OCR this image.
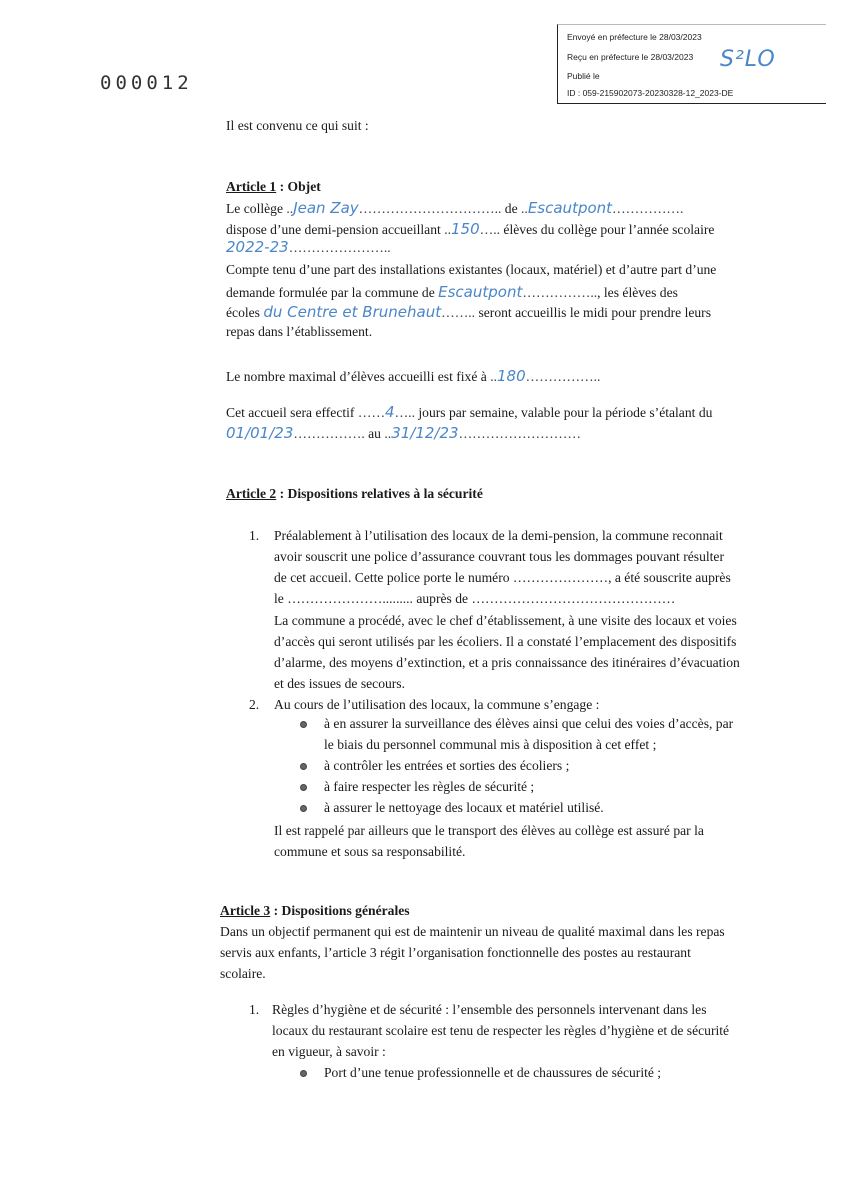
Envoyé en préfecture le 28/03/2023
Reçu en préfecture le 28/03/2023
Publié le
ID : 059-215902073-20230328-12_2023-DE
S²LO
000012
Il est convenu ce qui suit :
Article 1 : Objet
Le collège ..Jean Zay………………………….. de ..Escautpont…………….
dispose d’une demi-pension accueillant ..150….. élèves du collège pour l’année scolaire
2022-23…………………..
Compte tenu d’une part des installations existantes (locaux, matériel) et d’autre part d’une
demande formulée par la commune de Escautpont…………….., les élèves des
écoles du Centre et Brunehaut…….. seront accueillis le midi pour prendre leurs
repas dans l’établissement.
Le nombre maximal d’élèves accueilli est fixé à ..180……………..
Cet accueil sera effectif ……4….. jours par semaine, valable pour la période s’étalant du
01/01/23……………. au ..31/12/23………………………
Article 2 : Dispositions relatives à la sécurité
1. Préalablement à l’utilisation des locaux de la demi-pension, la commune reconnait
avoir souscrit une police d’assurance couvrant tous les dommages pouvant résulter
de cet accueil. Cette police porte le numéro …………………, a été souscrite auprès
le …………………......... auprès de ………………………………………
La commune a procédé, avec le chef d’établissement, à une visite des locaux et voies
d’accès qui seront utilisés par les écoliers. Il a constaté l’emplacement des dispositifs
d’alarme, des moyens d’extinction, et a pris connaissance des itinéraires d’évacuation
et des issues de secours.
2. Au cours de l’utilisation des locaux, la commune s’engage :
à en assurer la surveillance des élèves ainsi que celui des voies d’accès, par
le biais du personnel communal mis à disposition à cet effet ;
à contrôler les entrées et sorties des écoliers ;
à faire respecter les règles de sécurité ;
à assurer le nettoyage des locaux et matériel utilisé.
Il est rappelé par ailleurs que le transport des élèves au collège est assuré par la
commune et sous sa responsabilité.
Article 3 : Dispositions générales
Dans un objectif permanent qui est de maintenir un niveau de qualité maximal dans les repas
servis aux enfants, l’article 3 régit l’organisation fonctionnelle des postes au restaurant
scolaire.
1. Règles d’hygiène et de sécurité : l’ensemble des personnels intervenant dans les
locaux du restaurant scolaire est tenu de respecter les règles d’hygiène et de sécurité
en vigueur, à savoir :
Port d’une tenue professionnelle et de chaussures de sécurité ;
